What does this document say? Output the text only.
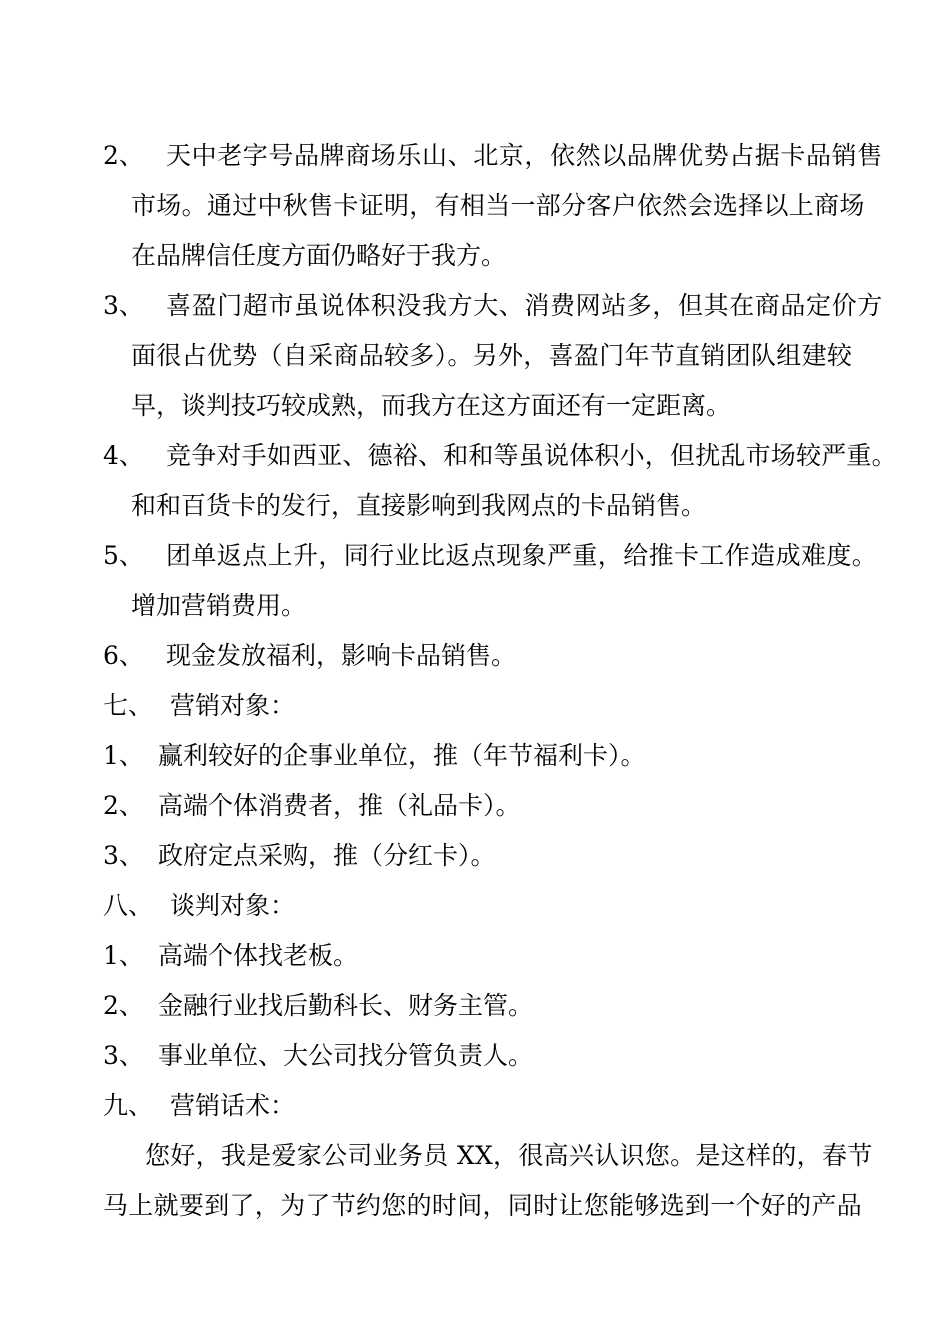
2、 天中老字号品牌商场乐山、北京，依然以品牌优势占据卡品销售
市场。通过中秋售卡证明，有相当一部分客户依然会选择以上商场
在品牌信任度方面仍略好于我方。
3、 喜盈门超市虽说体积没我方大、消费网站多，但其在商品定价方
面很占优势（自采商品较多）。另外，喜盈门年节直销团队组建较
早，谈判技巧较成熟，而我方在这方面还有一定距离。
4、 竞争对手如西亚、德裕、和和等虽说体积小，但扰乱市场较严重。
和和百货卡的发行，直接影响到我网点的卡品销售。
5、 团单返点上升，同行业比返点现象严重，给推卡工作造成难度。
增加营销费用。
6、 现金发放福利，影响卡品销售。
七、 营销对象：
1、 赢利较好的企事业单位，推（年节福利卡）。
2、 高端个体消费者，推（礼品卡）。
3、 政府定点采购，推（分红卡）。
八、 谈判对象：
1、 高端个体找老板。
2、 金融行业找后勤科长、财务主管。
3、 事业单位、大公司找分管负责人。
九、 营销话术：
您好，我是爱家公司业务员 XX，很高兴认识您。是这样的，春节
马上就要到了，为了节约您的时间，同时让您能够选到一个好的产品
